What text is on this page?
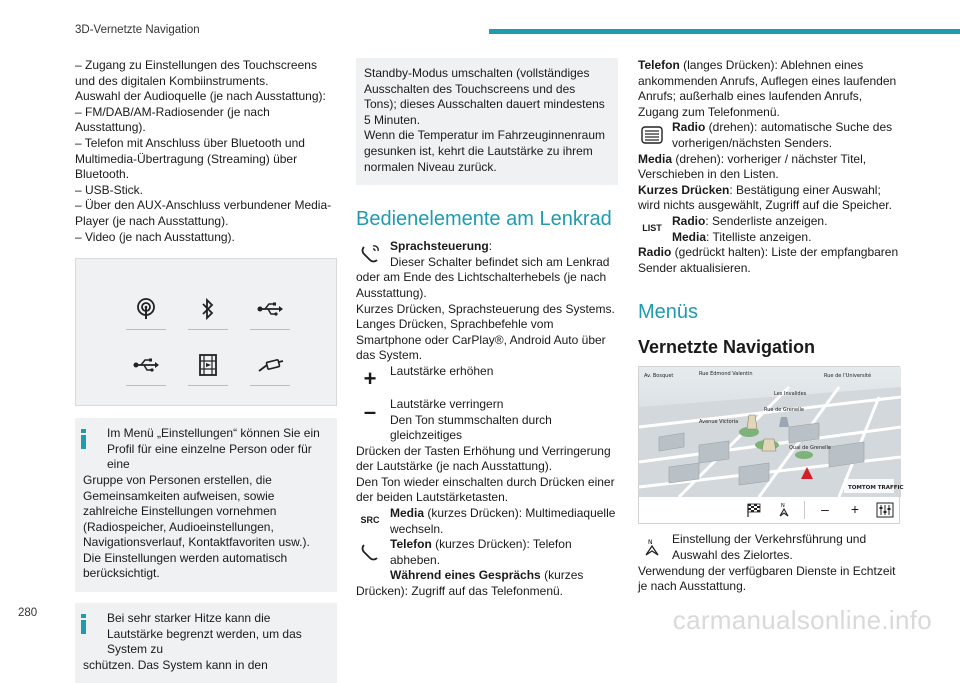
3D-Vernetzte Navigation

– Zugang zu Einstellungen des Touchscreens und des digitalen Kombiinstruments.

Auswahl der Audioquelle (je nach Ausstattung):

– FM/DAB/AM-Radiosender (je nach Ausstattung).

– Telefon mit Anschluss über Bluetooth und Multimedia-Übertragung (Streaming) über Bluetooth.

– USB-Stick.

– Über den AUX-Anschluss verbundener Media-Player (je nach Ausstattung).

– Video (je nach Ausstattung).

Im Menü „Einstellungen“ können Sie ein Profil für eine einzelne Person oder für eine

Gruppe von Personen erstellen, die Gemeinsamkeiten aufweisen, sowie zahlreiche Einstellungen vornehmen (Radiospeicher, Audioeinstellungen, Navigationsverlauf, Kontaktfavoriten usw.). Die Einstellungen werden automatisch berücksichtigt.

Bei sehr starker Hitze kann die Lautstärke begrenzt werden, um das System zu

schützen. Das System kann in den

Standby-Modus umschalten (vollständiges Ausschalten des Touchscreens und des Tons); dieses Ausschalten dauert mindestens 5 Minuten.

Wenn die Temperatur im Fahrzeuginnenraum gesunken ist, kehrt die Lautstärke zu ihrem normalen Niveau zurück.

Bedienelemente am Lenkrad

Sprachsteuerung:

Dieser Schalter befindet sich am Lenkrad

oder am Ende des Lichtschalterhebels (je nach Ausstattung).

Kurzes Drücken, Sprachsteuerung des Systems.

Langes Drücken, Sprachbefehle vom Smartphone oder CarPlay®, Android Auto über das System.

+	Lautstärke erhöhen

–	Lautstärke verringern

Den Ton stummschalten durch gleichzeitiges

Drücken der Tasten Erhöhung und Verringerung der Lautstärke (je nach Ausstattung).

Den Ton wieder einschalten durch Drücken einer der beiden Lautstärketasten.

SRC

Media (kurzes Drücken): Multimediaquelle wechseln.

Telefon (kurzes Drücken): Telefon abheben.

Während eines Gesprächs (kurzes

Drücken): Zugriff auf das Telefonmenü.

Telefon (langes Drücken): Ablehnen eines ankommenden Anrufs, Auflegen eines laufenden Anrufs; außerhalb eines laufenden Anrufs, Zugang zum Telefonmenü.

Radio (drehen): automatische Suche des vorherigen/nächsten Senders.

Media (drehen): vorheriger / nächster Titel, Verschieben in den Listen.

Kurzes Drücken: Bestätigung einer Auswahl; wird nichts ausgewählt, Zugriff auf die Speicher.

LIST

Radio: Senderliste anzeigen.

Media: Titelliste anzeigen.

Radio (gedrückt halten): Liste der empfangbaren Sender aktualisieren.

Menüs
Vernetzte Navigation
Av. Bosquet	Rue Edmond Valentin	Rue de l'Université
Les Invalides
Rue de Grenelle
Avenue Victoria
Quai de Grenelle
TOMTOM TRAFFIC
N	–	+
N Einstellung der Verkehrsführung und Auswahl des Zielortes.

Verwendung der verfügbaren Dienste in Echtzeit je nach Ausstattung.

280	carmanualsonline.info
